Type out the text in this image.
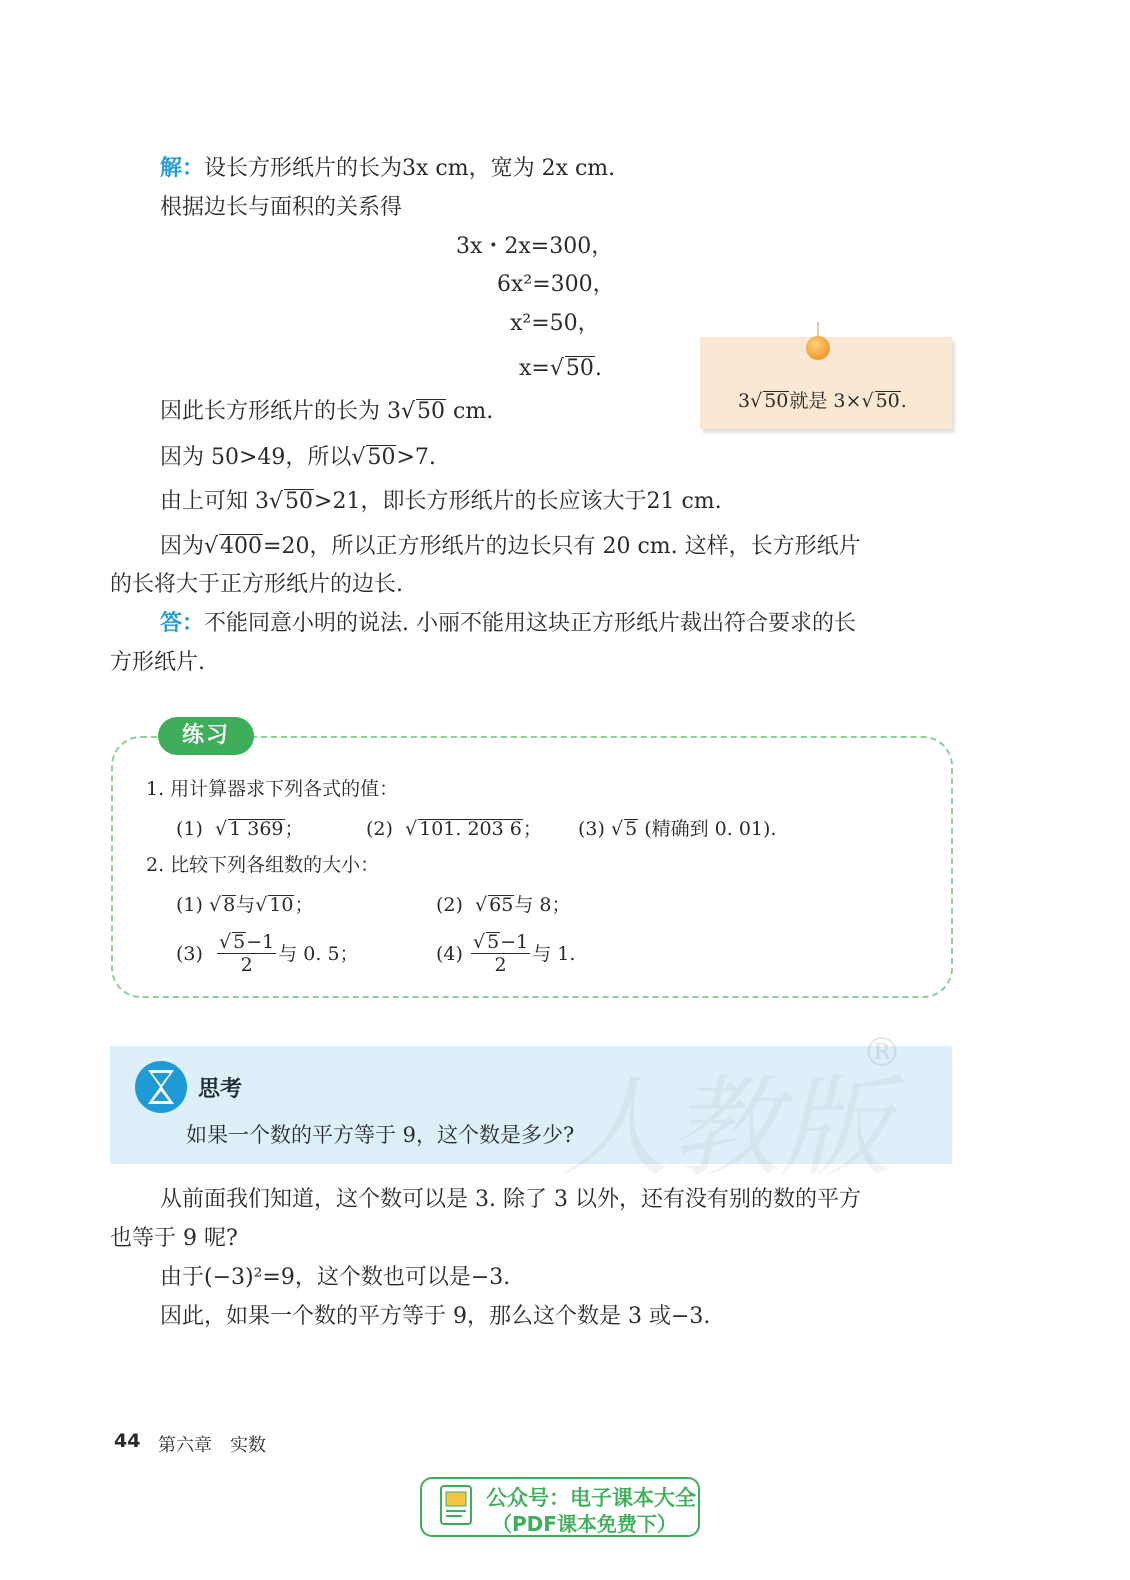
解：设长方形纸片的长为3x cm，宽为 2x cm.
根据边长与面积的关系得
3x・2x=300，
6x²=300，
x²=50，
x=√50.
因此长方形纸片的长为 3√50 cm.
因为 50>49，所以√50>7.
由上可知 3√50>21，即长方形纸片的长应该大于21 cm.
因为√400=20，所以正方形纸片的边长只有 20 cm. 这样，长方形纸片
的长将大于正方形纸片的边长.
答：不能同意小明的说法. 小丽不能用这块正方形纸片裁出符合要求的长
方形纸片.
3√ 50就是 3×√ 50.
练习
1. 用计算器求下列各式的值：
(1) √ 1 369；	(2) √ 101. 203 6； (3) √ 5 (精确到 0. 01).
2. 比较下列各组数的大小：
(1) √ 8与√ 10；	(2) √ 65与 8；
(3)
$\frac{√ 5-1}{2}$ 与 0. 5；	(4)
$\frac{√ 5-1}{2}$ 与 1.
人教版
®
思考
如果一个数的平方等于 9，这个数是多少?
从前面我们知道，这个数可以是 3. 除了 3 以外，还有没有别的数的平方
也等于 9 呢?
由于(−3)²=9，这个数也可以是−3.
因此，如果一个数的平方等于 9，那么这个数是 3 或−3.
44 第六章　实数
公众号：电子课本大全
（PDF课本免费下）
